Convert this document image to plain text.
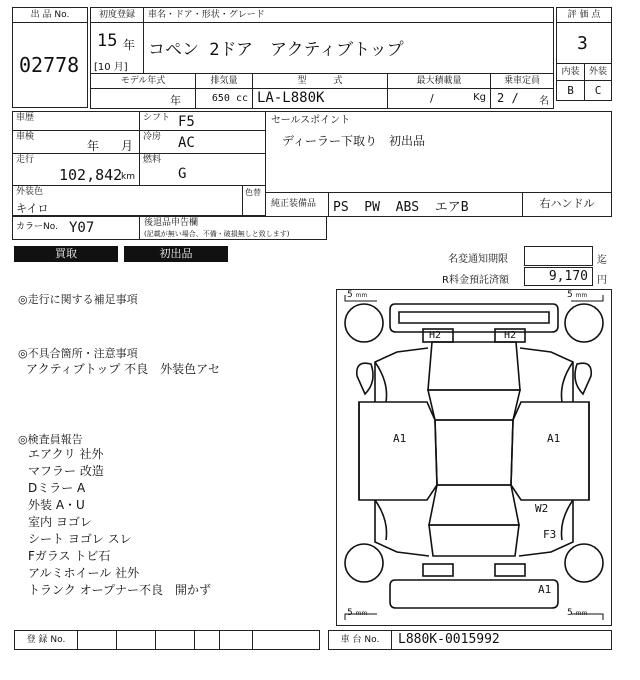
出 品 No.
02778
初度登録
15 年
[10 月]
車名・ドア・形状・グレード
コペン 2ドア　アクティブトップ
評 価 点
3
内装	外装
B	C
モデル年式
年
排気量
650 cc
型　　　式
LA-L880K
最大積載量
/	Kg
乗車定員
2 / 名
車歴	シフト F5
車検
年 月
冷房	AC
走行
102,842
km
燃料
G
外装色
キイロ
色替
セールスポイント
ディーラー下取り　初出品
純正装備品	PS  PW  ABS  エアB	右ハンドル
カラーNo. Y07	後退品申告欄
(記載が無い場合、不備・破損無しと致します)
買取	初出品	名変通知期限	迄
R料金預託済額	9,170 円
◎走行に関する補足事項
◎不具合箇所・注意事項
アクティブトップ 不良　外装色アセ
◎検査員報告
エアクリ 社外
マフラー 改造
Dミラー A
外装 A・U
室内 ヨゴレ
シート ヨゴレ スレ
Fガラス トビ石
アルミホイール 社外
トランク オープナー不良　開かず
5 mm	5 mm
5 mm	5 mm
H2	H2
A1	A1
W2
F3
A1
登 録 No.	車 台 No.	L880K-0015992
